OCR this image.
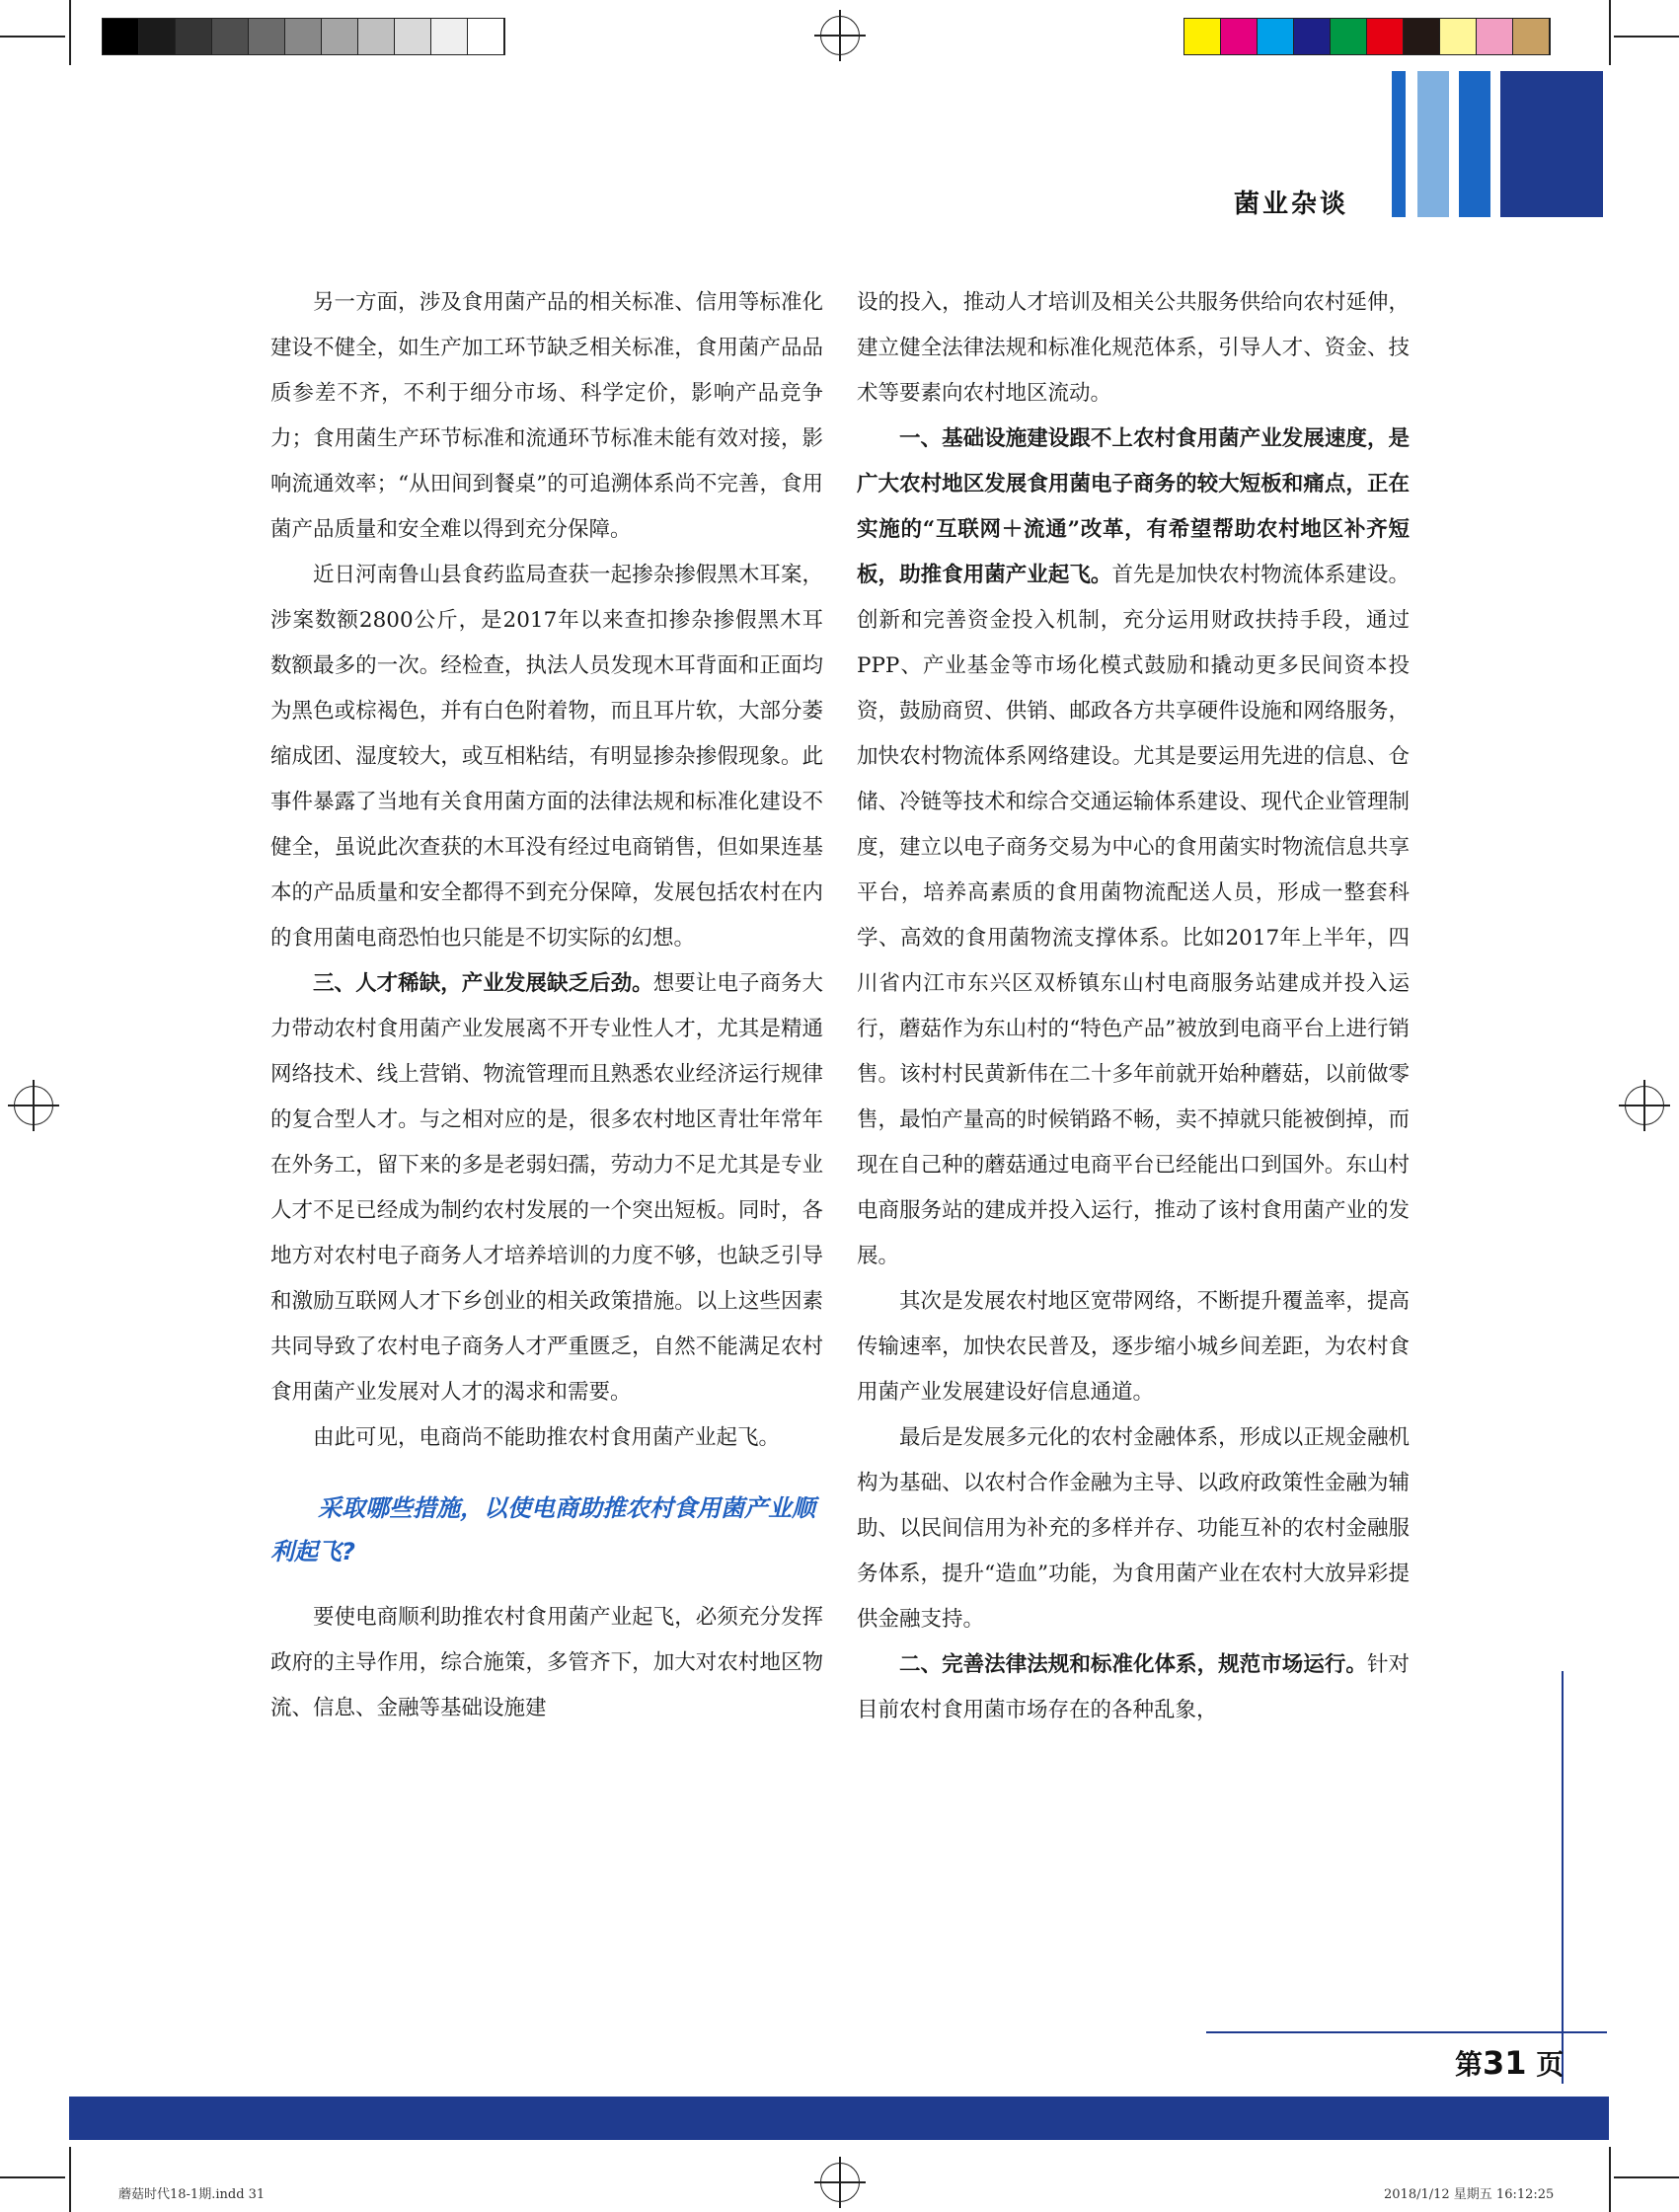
菌业杂谈

另一方面，涉及食用菌产品的相关标准、信用等标准化建设不健全，如生产加工环节缺乏相关标准，食用菌产品品质参差不齐，不利于细分市场、科学定价，影响产品竞争力；食用菌生产环节标准和流通环节标准未能有效对接，影响流通效率；“从田间到餐桌”的可追溯体系尚不完善，食用菌产品质量和安全难以得到充分保障。

近日河南鲁山县食药监局查获一起掺杂掺假黑木耳案，涉案数额2800公斤，是2017年以来查扣掺杂掺假黑木耳数额最多的一次。经检查，执法人员发现木耳背面和正面均为黑色或棕褐色，并有白色附着物，而且耳片软，大部分萎缩成团、湿度较大，或互相粘结，有明显掺杂掺假现象。此事件暴露了当地有关食用菌方面的法律法规和标准化建设不健全，虽说此次查获的木耳没有经过电商销售，但如果连基本的产品质量和安全都得不到充分保障，发展包括农村在内的食用菌电商恐怕也只能是不切实际的幻想。

三、人才稀缺，产业发展缺乏后劲。想要让电子商务大力带动农村食用菌产业发展离不开专业性人才，尤其是精通网络技术、线上营销、物流管理而且熟悉农业经济运行规律的复合型人才。与之相对应的是，很多农村地区青壮年常年在外务工，留下来的多是老弱妇孺，劳动力不足尤其是专业人才不足已经成为制约农村发展的一个突出短板。同时，各地方对农村电子商务人才培养培训的力度不够，也缺乏引导和激励互联网人才下乡创业的相关政策措施。以上这些因素共同导致了农村电子商务人才严重匮乏，自然不能满足农村食用菌产业发展对人才的渴求和需要。

由此可见，电商尚不能助推农村食用菌产业起飞。

采取哪些措施，以使电商助推农村食用菌产业顺利起飞?

要使电商顺利助推农村食用菌产业起飞，必须充分发挥政府的主导作用，综合施策，多管齐下，加大对农村地区物流、信息、金融等基础设施建

设的投入，推动人才培训及相关公共服务供给向农村延伸，建立健全法律法规和标准化规范体系，引导人才、资金、技术等要素向农村地区流动。

一、基础设施建设跟不上农村食用菌产业发展速度，是广大农村地区发展食用菌电子商务的较大短板和痛点，正在实施的“互联网＋流通”改革，有希望帮助农村地区补齐短板，助推食用菌产业起飞。首先是加快农村物流体系建设。创新和完善资金投入机制，充分运用财政扶持手段，通过PPP、产业基金等市场化模式鼓励和撬动更多民间资本投资，鼓励商贸、供销、邮政各方共享硬件设施和网络服务，加快农村物流体系网络建设。尤其是要运用先进的信息、仓储、冷链等技术和综合交通运输体系建设、现代企业管理制度，建立以电子商务交易为中心的食用菌实时物流信息共享平台，培养高素质的食用菌物流配送人员，形成一整套科学、高效的食用菌物流支撑体系。比如2017年上半年，四川省内江市东兴区双桥镇东山村电商服务站建成并投入运行，蘑菇作为东山村的“特色产品”被放到电商平台上进行销售。该村村民黄新伟在二十多年前就开始种蘑菇，以前做零售，最怕产量高的时候销路不畅，卖不掉就只能被倒掉，而现在自己种的蘑菇通过电商平台已经能出口到国外。东山村电商服务站的建成并投入运行，推动了该村食用菌产业的发展。

其次是发展农村地区宽带网络，不断提升覆盖率，提高传输速率，加快农民普及，逐步缩小城乡间差距，为农村食用菌产业发展建设好信息通道。

最后是发展多元化的农村金融体系，形成以正规金融机构为基础、以农村合作金融为主导、以政府政策性金融为辅助、以民间信用为补充的多样并存、功能互补的农村金融服务体系，提升“造血”功能，为食用菌产业在农村大放异彩提供金融支持。

二、完善法律法规和标准化体系，规范市场运行。针对目前农村食用菌市场存在的各种乱象，

第31 页
蘑菇时代18-1期.indd 31	2018/1/12 星期五 16:12:25
